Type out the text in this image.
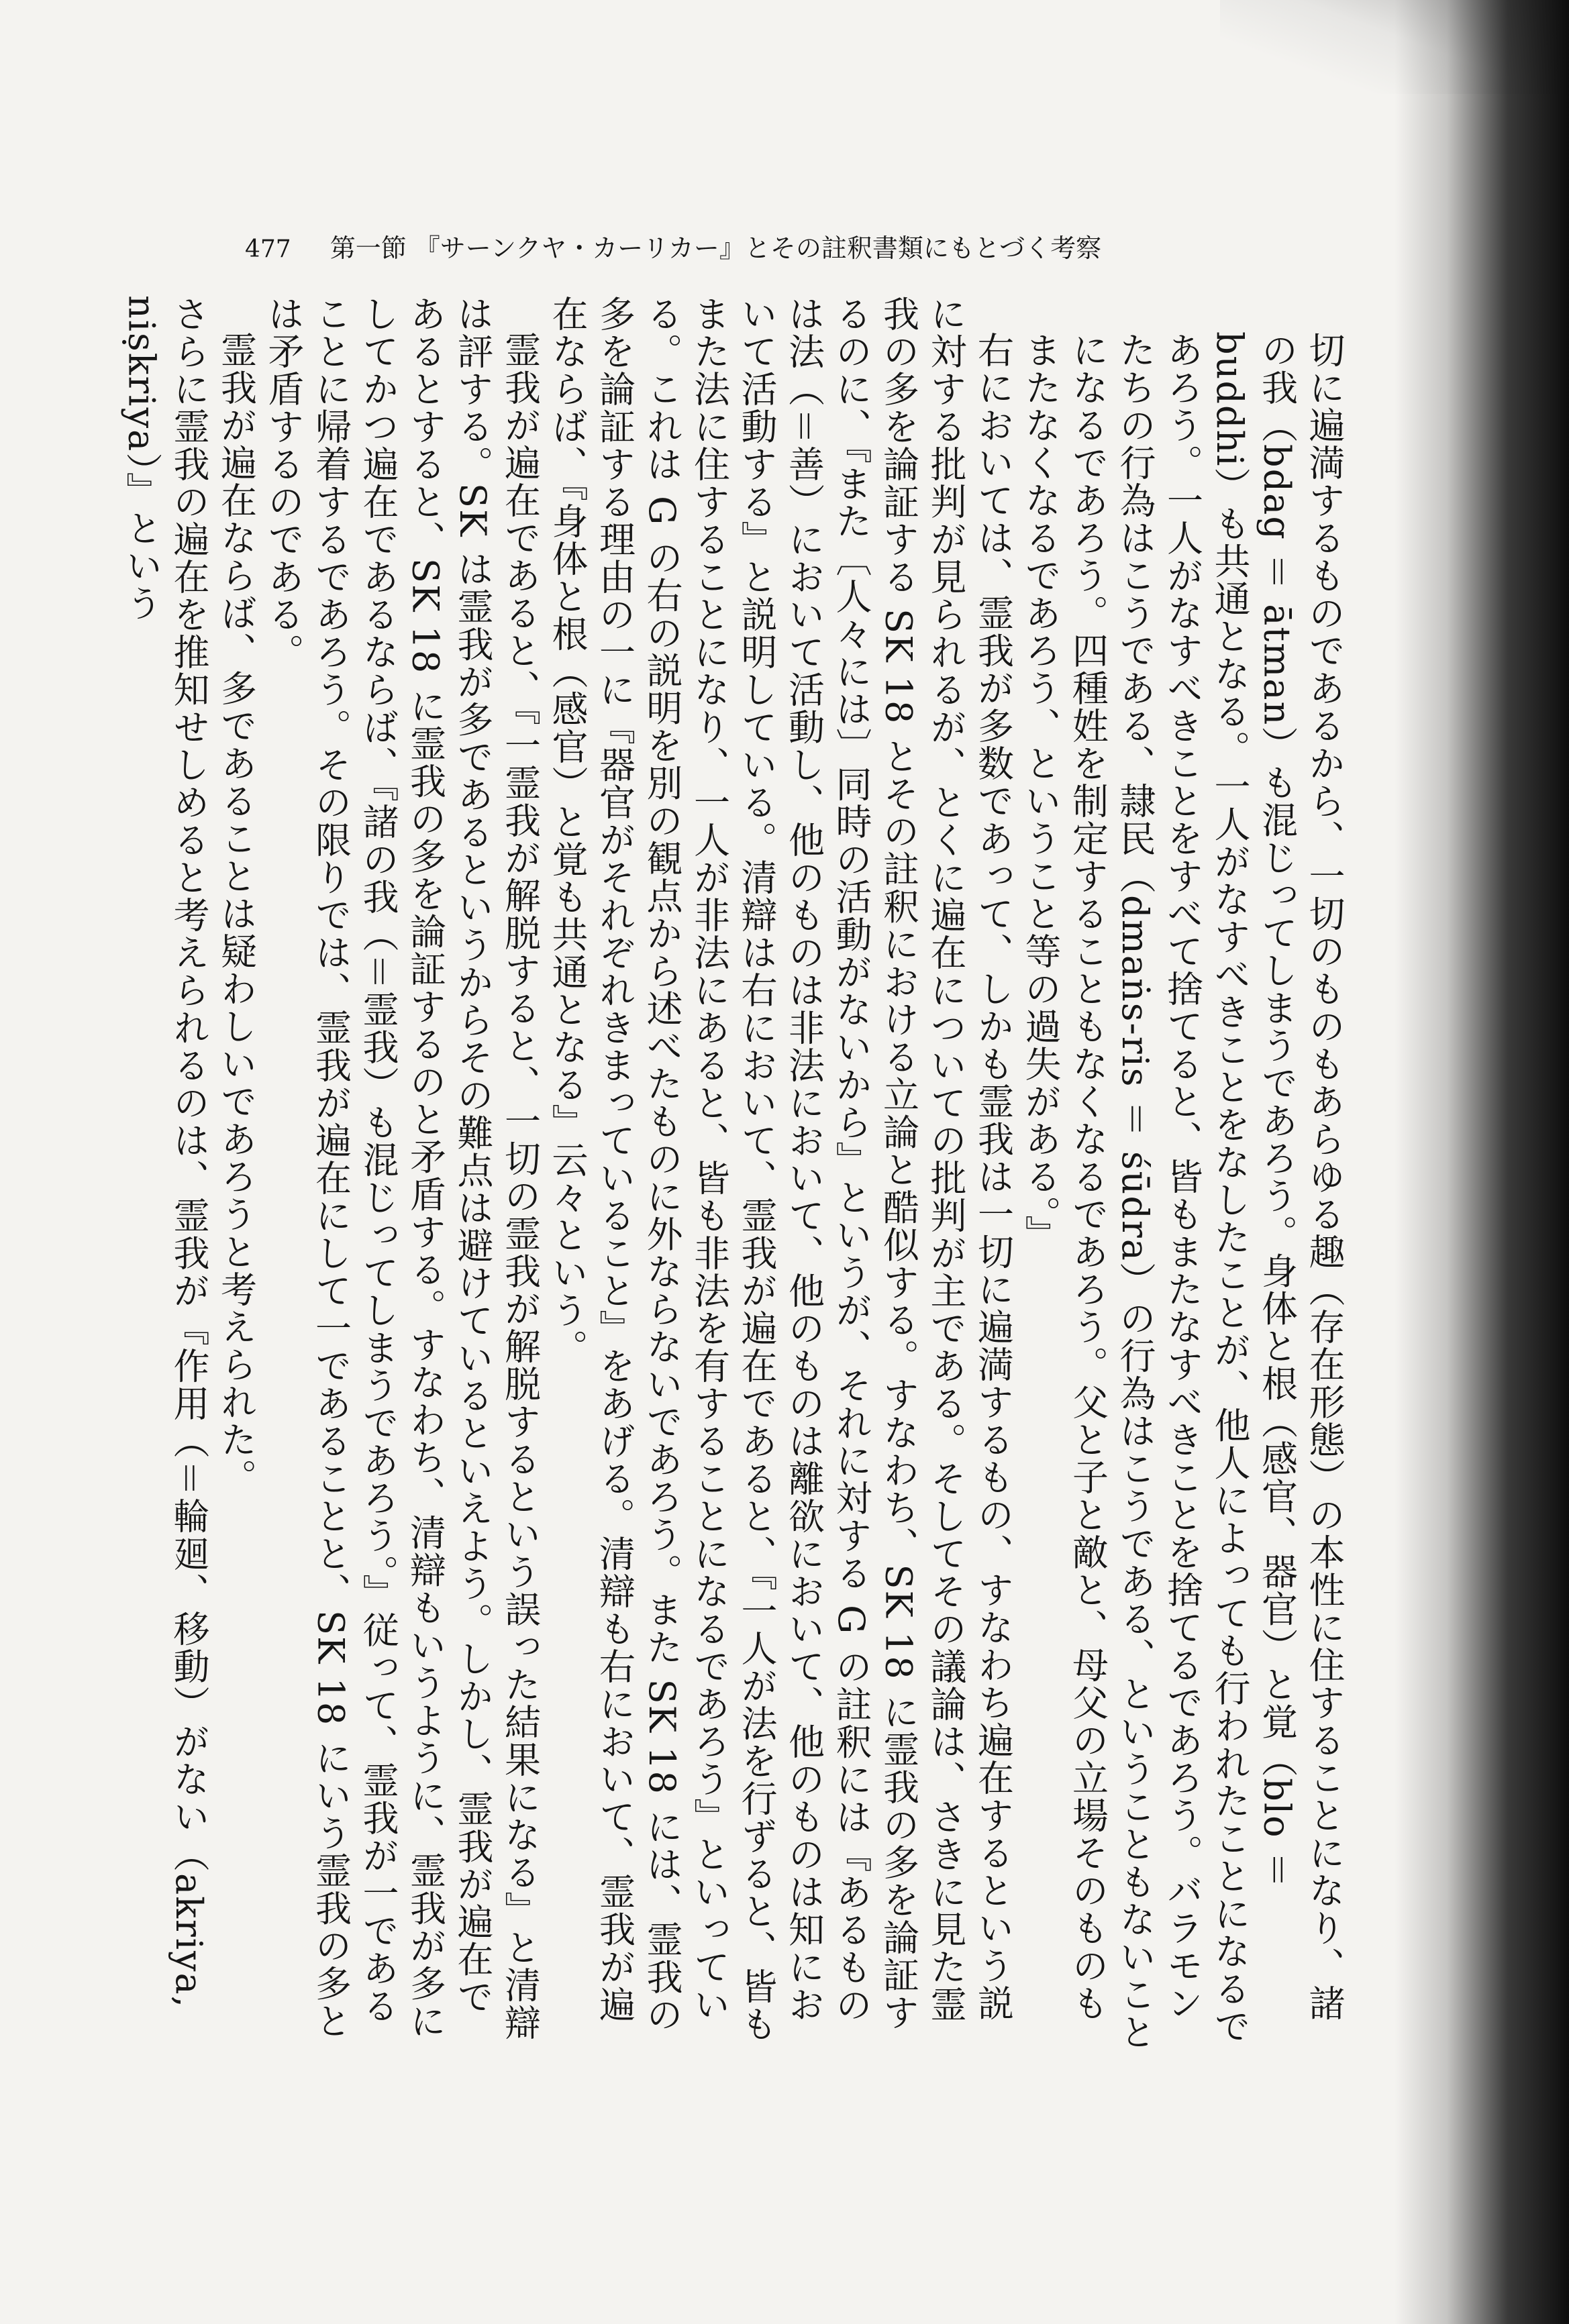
477 第一節 『サーンクヤ・カーリカー』とその註釈書類にもとづく考察

切に遍満するものであるから、一切のものもあらゆる趣（存在形態）の本性に住することになり、諸の我（bdag ＝ ātman）も混じってしまうであろう。身体と根（感官、器官）と覚（blo ＝ buddhi）も共通となる。一人がなすべきことをなしたことが、他人によっても行われたことになるであろう。一人がなすべきことをすべて捨てると、皆もまたなすべきことを捨てるであろう。バラモンたちの行為はこうである、隷民（dmaṅs-ris ＝ śūdra）の行為はこうである、ということもないことになるであろう。四種姓を制定することもなくなるであろう。父と子と敵と、母父の立場そのものもまたなくなるであろう、ということ等の過失がある。』

右においては、霊我が多数であって、しかも霊我は一切に遍満するもの、すなわち遍在するという説に対する批判が見られるが、とくに遍在についての批判が主である。そしてその議論は、さきに見た霊我の多を論証する SK 18 とその註釈における立論と酷似する。すなわち、SK 18 に霊我の多を論証するのに、『また〔人々には〕同時の活動がないから』というが、それに対する G の註釈には『あるものは法（＝善）において活動し、他のものは非法において、他のものは離欲において、他のものは知において活動する』と説明している。清辯は右において、霊我が遍在であると、『一人が法を行ずると、皆もまた法に住することになり、一人が非法にあると、皆も非法を有することになるであろう』といっている。これは G の右の説明を別の観点から述べたものに外ならないであろう。また SK 18 には、霊我の多を論証する理由の一に『器官がそれぞれきまっていること』をあげる。清辯も右において、霊我が遍在ならば、『身体と根（感官）と覚も共通となる』云々という。

霊我が遍在であると、『一霊我が解脱すると、一切の霊我が解脱するという誤った結果になる』と清辯は評する。SK は霊我が多であるというからその難点は避けているといえよう。しかし、霊我が遍在であるとすると、SK 18 に霊我の多を論証するのと矛盾する。すなわち、清辯もいうように、霊我が多にしてかつ遍在であるならば、『諸の我（＝霊我）も混じってしまうであろう。』従って、霊我が一であることに帰着するであろう。その限りでは、霊我が遍在にして一であることと、SK 18 にいう霊我の多とは矛盾するのである。

霊我が遍在ならば、多であることは疑わしいであろうと考えられた。

さらに霊我の遍在を推知せしめると考えられるのは、霊我が『作用（＝輪廻、移動）がない（akriya, niṣkriya）』という
